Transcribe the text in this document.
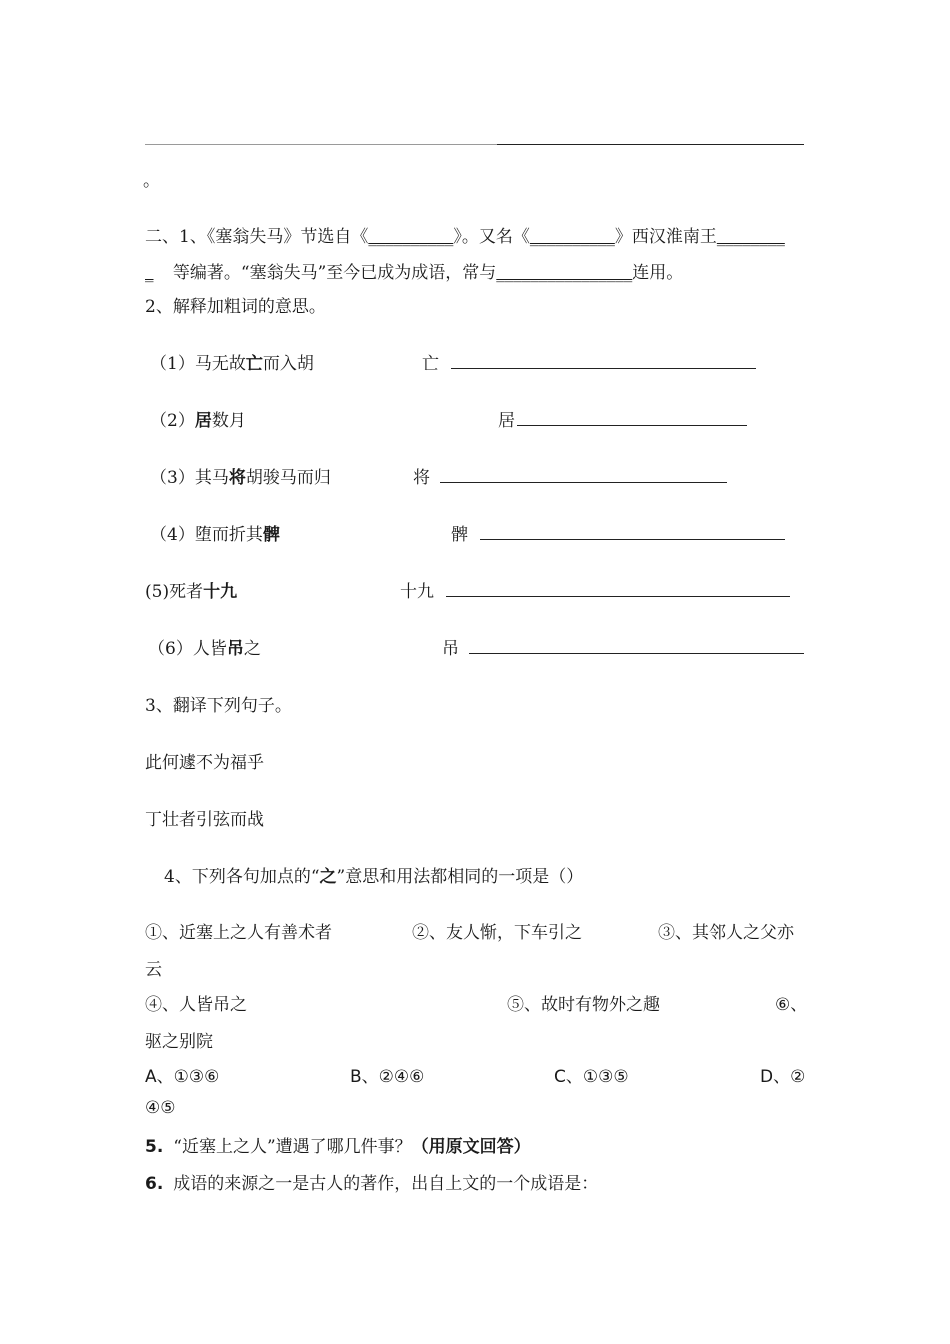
。
二、1、《塞翁失马》节选自《__________》。又名《__________》西汉淮南王________
_ 等编著。“塞翁失马”至今已成为成语，常与________________连用。
2、解释加粗词的意思。
（1）马无故亡而入胡	亡
（2）居数月	居
（3）其马将胡骏马而归	将
（4）堕而折其髀	髀
(5)死者十九	十九
（6）人皆吊之	吊
3、翻译下列句子。
此何遽不为福乎
丁壮者引弦而战
4、下列各句加点的“之”意思和用法都相同的一项是（）
①、近塞上之人有善术者	②、友人惭，下车引之	③、其邻人之父亦
云
④、人皆吊之	⑤、故时有物外之趣	⑥、
驱之别院
A、①③⑥	B、②④⑥	C、①③⑤	D、②
④⑤
5. “近塞上之人”遭遇了哪几件事？（用原文回答）
6. 成语的来源之一是古人的著作，出自上文的一个成语是：
